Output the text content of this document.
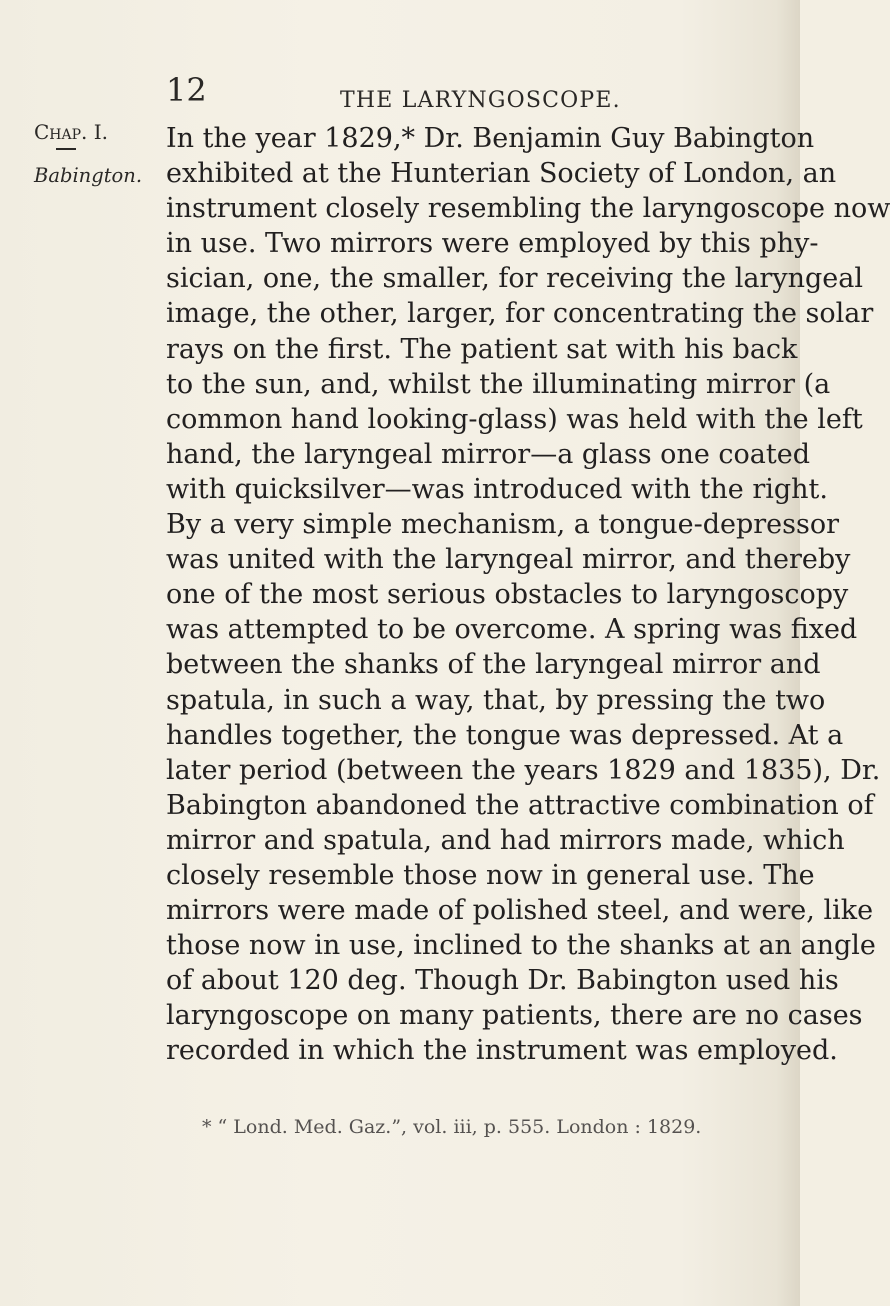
12	THE LARYNGOSCOPE.
Chap. I.
Babington.
In the year 1829,* Dr. Benjamin Guy Babington
exhibited at the Hunterian Society of London, an
instrument closely resembling the laryngoscope now
in use. Two mirrors were employed by this phy-
sician, one, the smaller, for receiving the laryngeal
image, the other, larger, for concentrating the solar
rays on the first. The patient sat with his back
to the sun, and, whilst the illuminating mirror (a
common hand looking-glass) was held with the left
hand, the laryngeal mirror—a glass one coated
with quicksilver—was introduced with the right.
By a very simple mechanism, a tongue-depressor
was united with the laryngeal mirror, and thereby
one of the most serious obstacles to laryngoscopy
was attempted to be overcome. A spring was fixed
between the shanks of the laryngeal mirror and
spatula, in such a way, that, by pressing the two
handles together, the tongue was depressed. At a
later period (between the years 1829 and 1835), Dr.
Babington abandoned the attractive combination of
mirror and spatula, and had mirrors made, which
closely resemble those now in general use. The
mirrors were made of polished steel, and were, like
those now in use, inclined to the shanks at an angle
of about 120 deg. Though Dr. Babington used his
laryngoscope on many patients, there are no cases
recorded in which the instrument was employed.
* “ Lond. Med. Gaz.”, vol. iii, p. 555. London : 1829.
